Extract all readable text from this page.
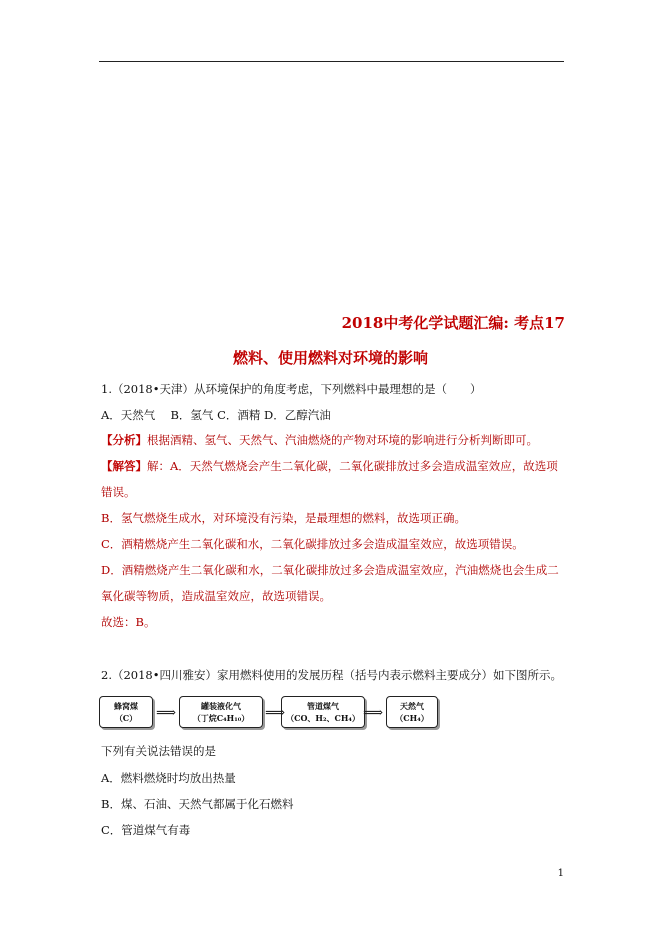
2018中考化学试题汇编: 考点17
燃料、使用燃料对环境的影响
1.（2018•天津）从环境保护的角度考虑，下列燃料中最理想的是（　　）
A．天然气　 B．氢气 C．酒精 D．乙醇汽油
【分析】根据酒精、氢气、天然气、汽油燃烧的产物对环境的影响进行分析判断即可。
【解答】解：A．天然气燃烧会产生二氧化碳，二氧化碳排放过多会造成温室效应，故选项
错误。
B．氢气燃烧生成水，对环境没有污染，是最理想的燃料，故选项正确。
C．酒精燃烧产生二氧化碳和水，二氧化碳排放过多会造成温室效应，故选项错误。
D．酒精燃烧产生二氧化碳和水，二氧化碳排放过多会造成温室效应，汽油燃烧也会生成二
氧化碳等物质，造成温室效应，故选项错误。
故选：B。
2.（2018•四川雅安）家用燃料使用的发展历程（括号内表示燃料主要成分）如下图所示。
蜂窝煤
（C）	⟹	罐装液化气
（丁烷C₄H₁₀）	⟹	管道煤气
（CO、H₂、CH₄） ⟹	天然气
（CH₄）
下列有关说法错误的是
A．燃料燃烧时均放出热量
B．煤、石油、天然气都属于化石燃料
C．管道煤气有毒
1
